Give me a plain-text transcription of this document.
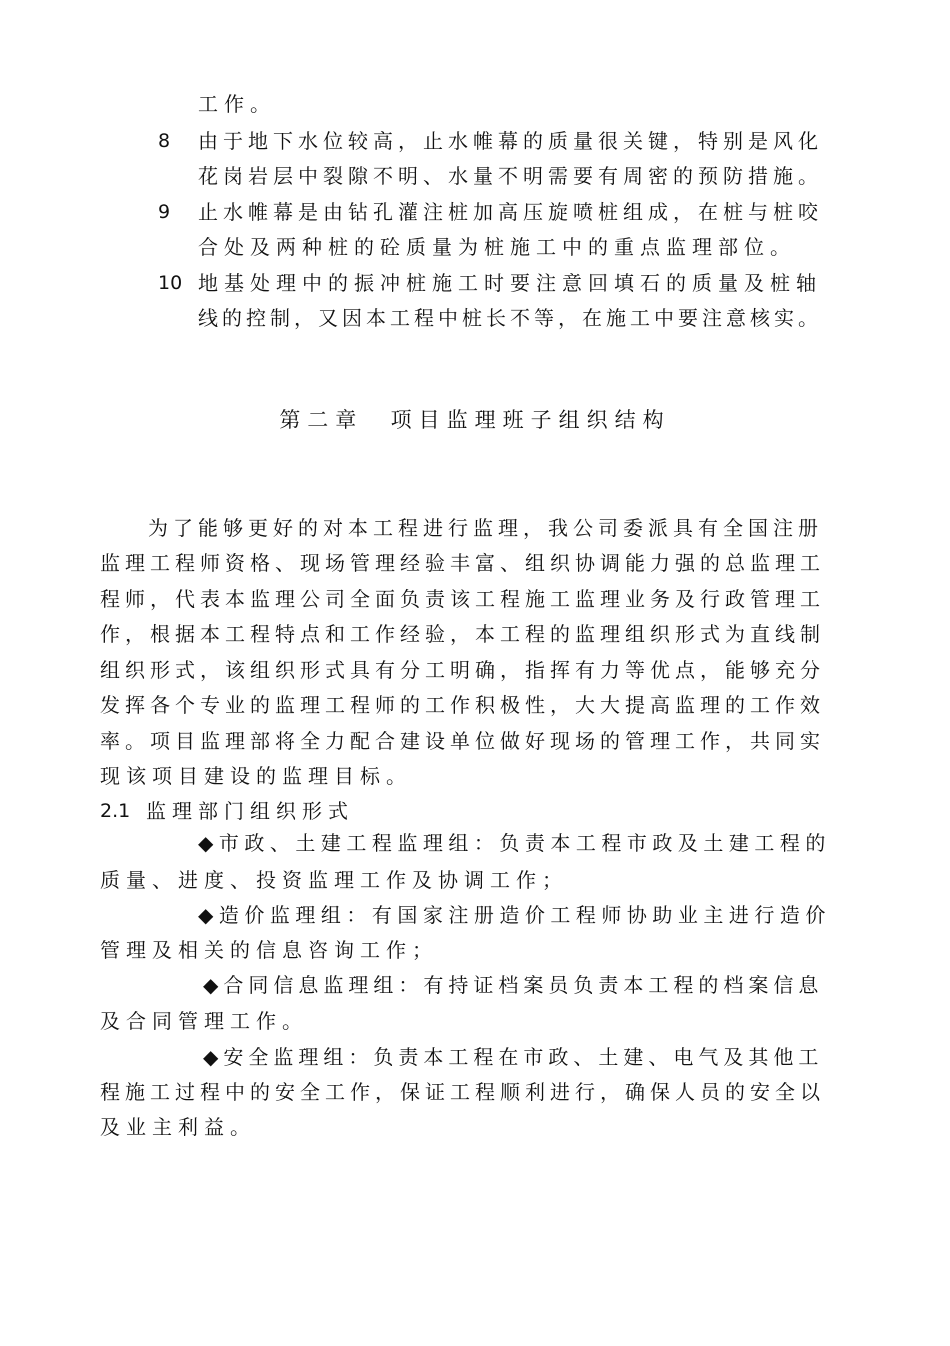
工作。
8 由于地下水位较高，止水帷幕的质量很关键，特别是风化
花岗岩层中裂隙不明、水量不明需要有周密的预防措施。
9 止水帷幕是由钻孔灌注桩加高压旋喷桩组成，在桩与桩咬
合处及两种桩的砼质量为桩施工中的重点监理部位。
10 地基处理中的振冲桩施工时要注意回填石的质量及桩轴
线的控制，又因本工程中桩长不等，在施工中要注意核实。
第二章  项目监理班子组织结构
为了能够更好的对本工程进行监理，我公司委派具有全国注册
监理工程师资格、现场管理经验丰富、组织协调能力强的总监理工
程师，代表本监理公司全面负责该工程施工监理业务及行政管理工
作，根据本工程特点和工作经验，本工程的监理组织形式为直线制
组织形式，该组织形式具有分工明确，指挥有力等优点，能够充分
发挥各个专业的监理工程师的工作积极性，大大提高监理的工作效
率。项目监理部将全力配合建设单位做好现场的管理工作，共同实
现该项目建设的监理目标。
2.1 监理部门组织形式
◆市政、土建工程监理组：负责本工程市政及土建工程的
质量、进度、投资监理工作及协调工作；
◆造价监理组：有国家注册造价工程师协助业主进行造价
管理及相关的信息咨询工作；
◆合同信息监理组：有持证档案员负责本工程的档案信息
及合同管理工作。
◆安全监理组：负责本工程在市政、土建、电气及其他工
程施工过程中的安全工作，保证工程顺利进行，确保人员的安全以
及业主利益。
